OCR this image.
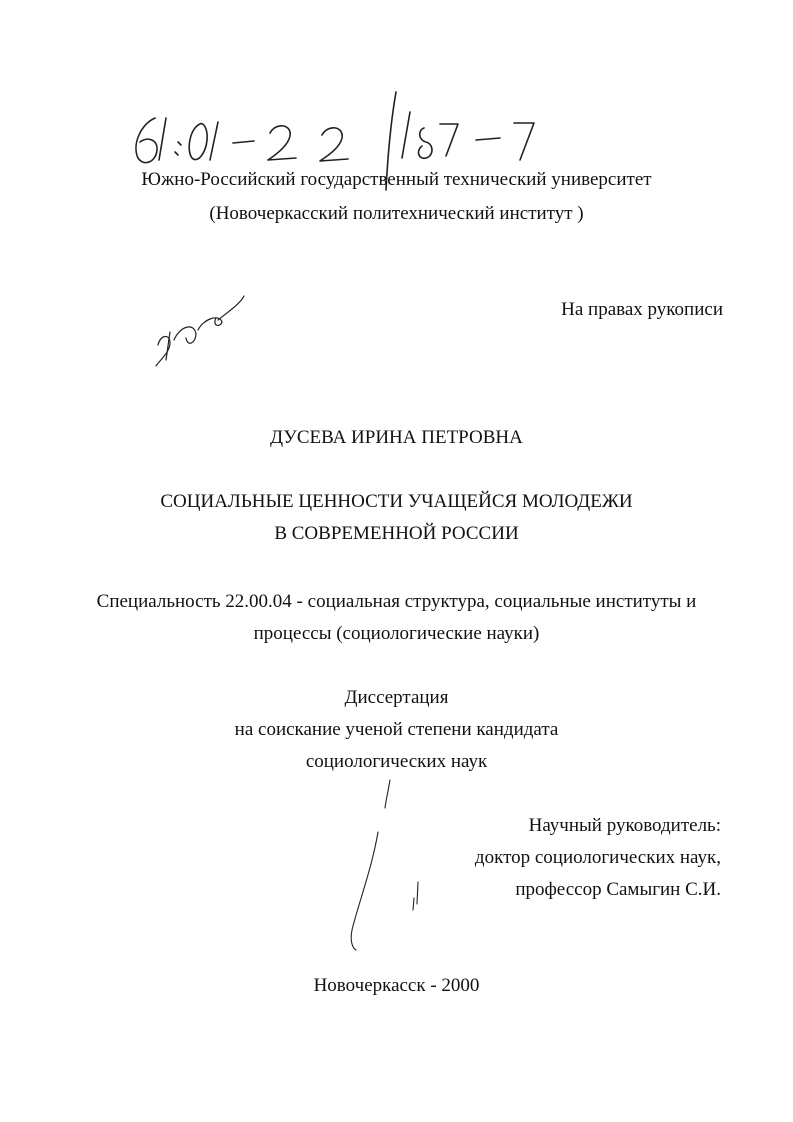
Южно-Российский государственный технический университет
(Новочеркасский политехнический институт )
На правах рукописи
ДУСЕВА ИРИНА ПЕТРОВНА
СОЦИАЛЬНЫЕ ЦЕННОСТИ УЧАЩЕЙСЯ МОЛОДЕЖИ
В СОВРЕМЕННОЙ РОССИИ
Специальность 22.00.04 - социальная структура, социальные институты и
процессы (социологические науки)
Диссертация
на соискание ученой степени кандидата
социологических наук
Научный руководитель:
доктор социологических наук,
профессор Самыгин С.И.
Новочеркасск - 2000
